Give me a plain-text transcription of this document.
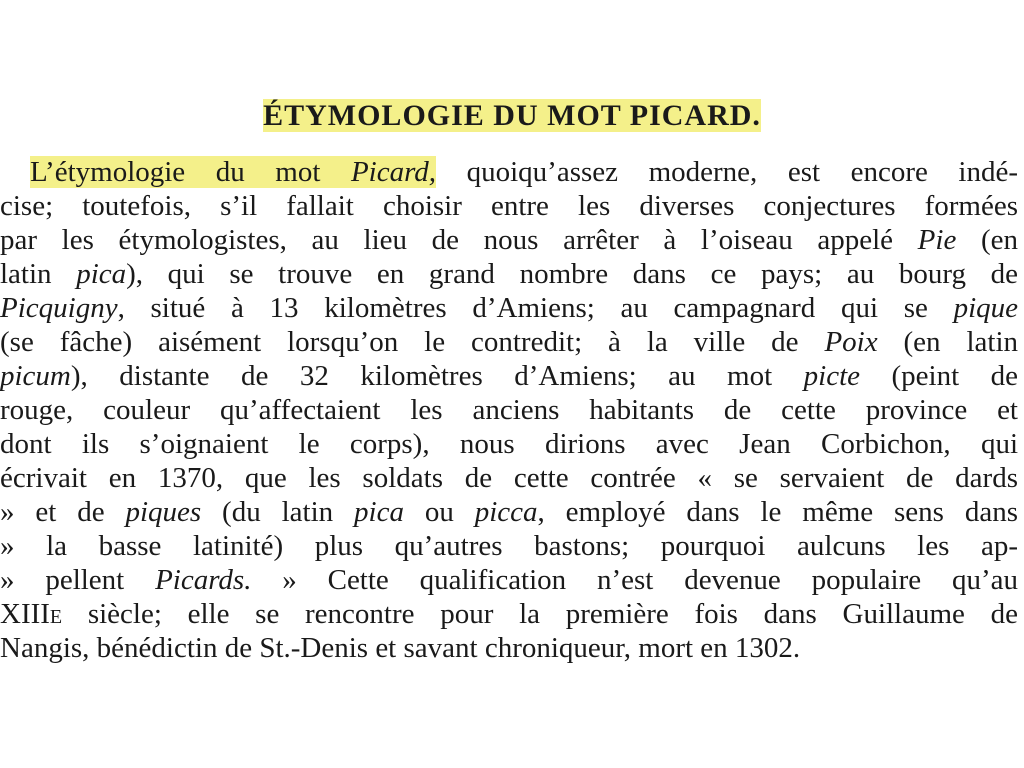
ÉTYMOLOGIE DU MOT PICARD.
L’étymologie du mot Picard, quoiqu’assez moderne, est encore indé-
cise; toutefois, s’il fallait choisir entre les diverses conjectures formées
par les étymologistes, au lieu de nous arrêter à l’oiseau appelé Pie (en
latin pica), qui se trouve en grand nombre dans ce pays; au bourg de
Picquigny, situé à 13 kilomètres d’Amiens; au campagnard qui se pique
(se fâche) aisément lorsqu’on le contredit; à la ville de Poix (en latin
picum), distante de 32 kilomètres d’Amiens; au mot picte (peint de
rouge, couleur qu’affectaient les anciens habitants de cette province et
dont ils s’oignaient le corps), nous dirions avec Jean Corbichon, qui
écrivait en 1370, que les soldats de cette contrée « se servaient de dards
» et de piques (du latin pica ou picca, employé dans le même sens dans
» la basse latinité) plus qu’autres bastons; pourquoi aulcuns les ap-
» pellent Picards. » Cette qualification n’est devenue populaire qu’au
XIIIe siècle; elle se rencontre pour la première fois dans Guillaume de
Nangis, bénédictin de St.-Denis et savant chroniqueur, mort en 1302.
